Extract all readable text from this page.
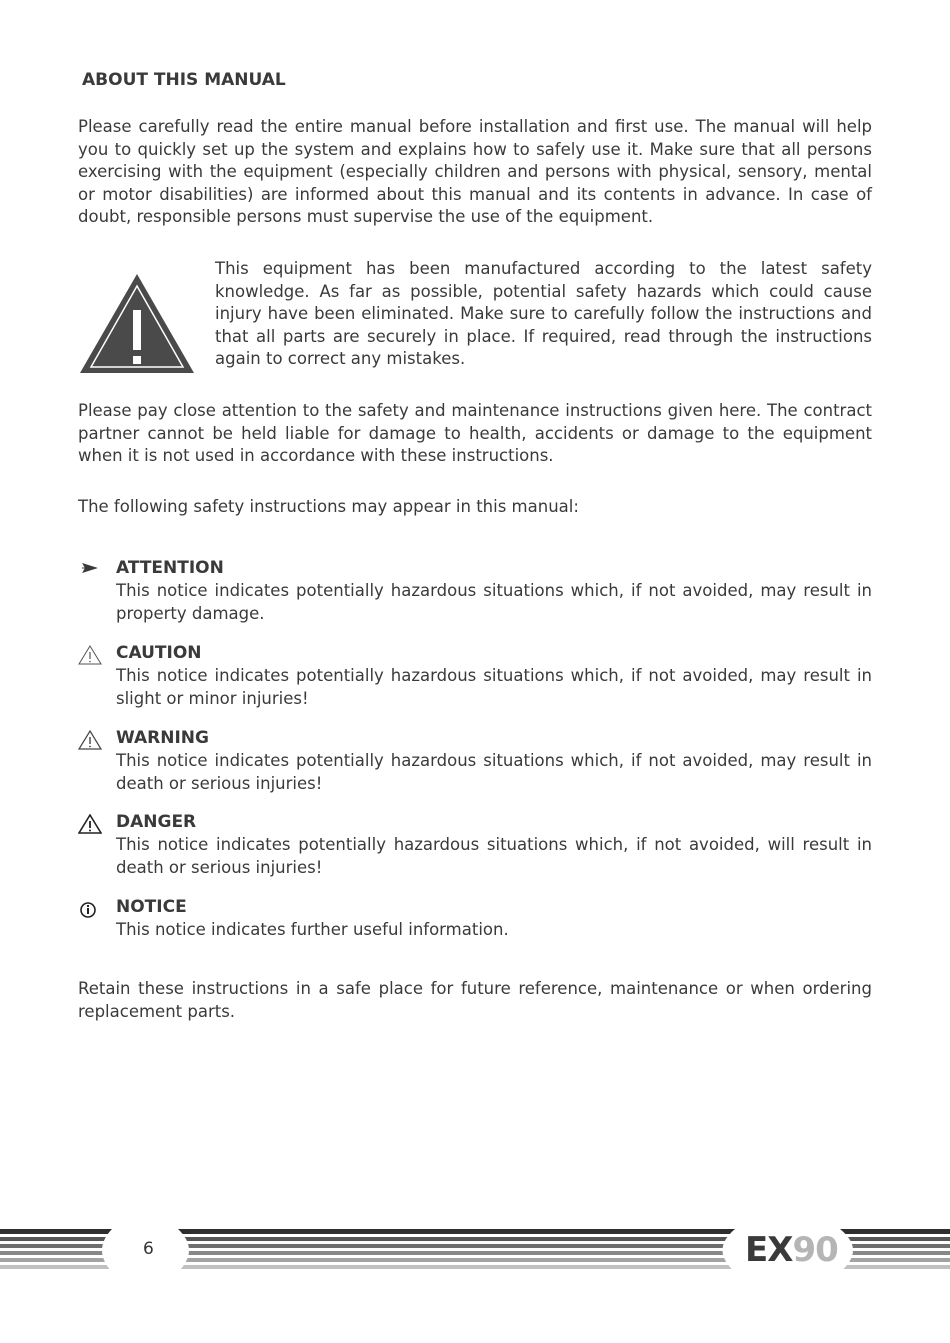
ABOUT THIS MANUAL

Please carefully read the entire manual before installation and first use. The manual will help you to quickly set up the system and explains how to safely use it. Make sure that all persons exercising with the equipment (especially children and persons with physical, sensory, mental or motor disabilities) are informed about this manual and its contents in advance. In case of doubt, responsible persons must supervise the use of the equipment.

This equipment has been manufactured according to the latest safety knowledge. As far as possible, potential safety hazards which could cause injury have been eliminated. Make sure to carefully follow the instructions and that all parts are securely in place. If required, read through the instructions again to correct any mistakes.

Please pay close attention to the safety and maintenance instructions given here. The contract partner cannot be held liable for damage to health, accidents or damage to the equipment when it is not used in accordance with these instructions.

The following safety instructions may appear in this manual:

ATTENTION

This notice indicates potentially hazardous situations which, if not avoided, may result in property damage.

CAUTION

This notice indicates potentially hazardous situations which, if not avoided, may result in slight or minor injuries!

WARNING

This notice indicates potentially hazardous situations which, if not avoided, may result in death or serious injuries!

DANGER

This notice indicates potentially hazardous situations which, if not avoided, will result in death or serious injuries!

NOTICE

This notice indicates further useful information.

Retain these instructions in a safe place for future reference, maintenance or when ordering replacement parts.

6	EX90
